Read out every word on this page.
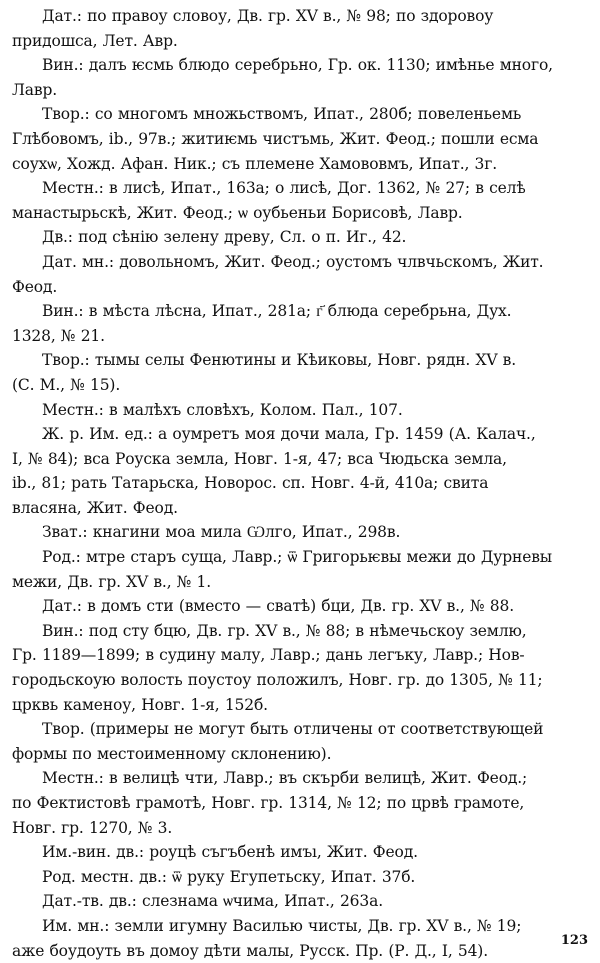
Дат.: по правоу словоу, Дв. гр. XV в., № 98; по здоровоу

придошса, Лет. Авр.

Вин.: далъ ѥсмь блюдо серебрьно, Гр. ок. 1130; имѣнье много,

Лавр.

Твор.: со многомъ множьствомъ, Ипат., 280б; повеленьемь

Глѣбовомъ, ib., 97в.; житиѥмь чистъмь, Жит. Феод.; пошли есма

соухѡ, Хожд. Афан. Ник.; съ племене Хамововмъ, Ипат., 3г.

Местн.: в лисѣ, Ипат., 163а; о лисѣ, Дог. 1362, № 27; в селѣ

манастырьскѣ, Жит. Феод.; ѡ оубьеньи Борисовѣ, Лавр.

Дв.: под сѣнію зелену древу, Сл. о п. Иг., 42.

Дат. мн.: довольномъ, Жит. Феод.; оустомъ члвчьскомъ, Жит.

Феод.

Вин.: в мѣста лѣсна, Ипат., 281а; г҃ блюда серебрьна, Дух.

1328, № 21.

Твор.: тымы селы Фенютины и Кѣиковы, Новг. рядн. XV в.

(С. М., № 15).

Местн.: в малѣхъ словѣхъ, Колом. Пал., 107.

Ж. р. Им. ед.: а оумретъ моя дочи мала, Гр. 1459 (А. Калач.,

I, № 84); вса Роуска земла, Новг. 1-я, 47; вса Чюдьска земла,

ib., 81; рать Татарьска, Новорос. сп. Новг. 4-й, 410а; свита

власяна, Жит. Феод.

Зват.: кнагини моа мила Ѡлго, Ипат., 298в.

Род.: мтре старъ суща, Лавр.; ѿ Григорьѥвы межи до Дурневы

межи, Дв. гр. XV в., № 1.

Дат.: в домъ сти (вместо — сватѣ) бци, Дв. гр. XV в., № 88.

Вин.: под сту бцю, Дв. гр. XV в., № 88; в нѣмечьскоу землю,

Гр. 1189—1899; в судину малу, Лавр.; дань легъку, Лавр.; Нов-

городьскоую волость поустоу положилъ, Новг. гр. до 1305, № 11;

црквь каменоу, Новг. 1-я, 152б.

Твор. (примеры не могут быть отличены от соответствующей

формы по местоименному склонению).

Местн.: в велицѣ чти, Лавр.; въ скърби велицѣ, Жит. Феод.;

по Фектистовѣ грамотѣ, Новг. гр. 1314, № 12; по црвѣ грамоте,

Новг. гр. 1270, № 3.

Им.-вин. дв.: роуцѣ съгъбенѣ имъı, Жит. Феод.

Род. местн. дв.: ѿ руку Егупетьску, Ипат. 37б.

Дат.-тв. дв.: слезнама ѡчима, Ипат., 263а.

Им. мн.: земли игумну Василью чисты, Дв. гр. XV в., № 19;

аже боудоуть въ домоу дѣти малы, Русск. Пр. (Р. Д., I, 54).

123
